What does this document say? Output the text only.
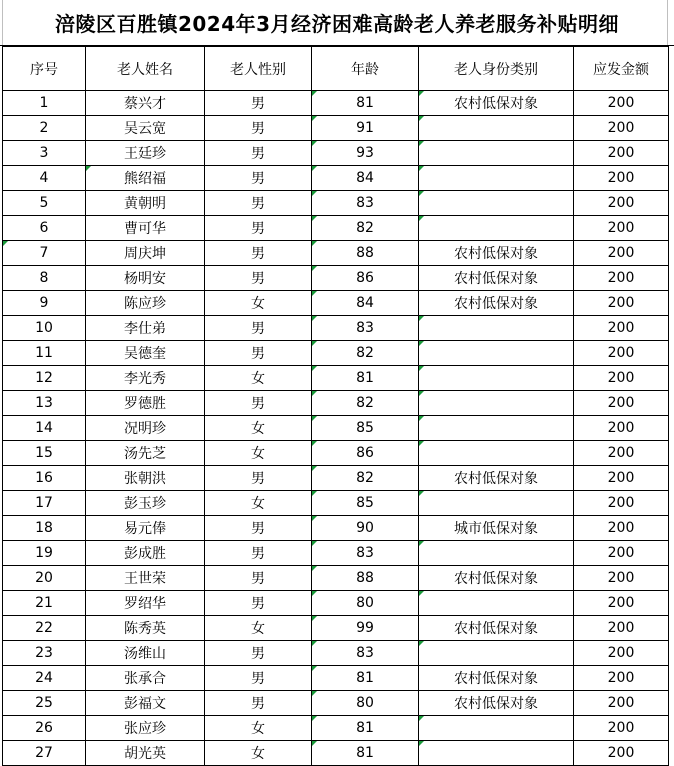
涪陵区百胜镇2024年3月经济困难高龄老人养老服务补贴明细
序号	老人姓名	老人性别	年龄	老人身份类别	应发金额
1	蔡兴才	男	81	农村低保对象	200
2	吴云宽	男	91		200
3	王廷珍	男	93		200
4	熊绍福	男	84		200
5	黄朝明	男	83		200
6	曹可华	男	82		200
7	周庆坤	男	88	农村低保对象	200
8	杨明安	男	86	农村低保对象	200
9	陈应珍	女	84	农村低保对象	200
10	李仕弟	男	83		200
11	吴德奎	男	82		200
12	李光秀	女	81		200
13	罗德胜	男	82		200
14	况明珍	女	85		200
15	汤先芝	女	86		200
16	张朝洪	男	82	农村低保对象	200
17	彭玉珍	女	85		200
18	易元俸	男	90	城市低保对象	200
19	彭成胜	男	83		200
20	王世荣	男	88	农村低保对象	200
21	罗绍华	男	80		200
22	陈秀英	女	99	农村低保对象	200
23	汤维山	男	83		200
24	张承合	男	81	农村低保对象	200
25	彭福文	男	80	农村低保对象	200
26	张应珍	女	81		200
27	胡光英	女	81		200
